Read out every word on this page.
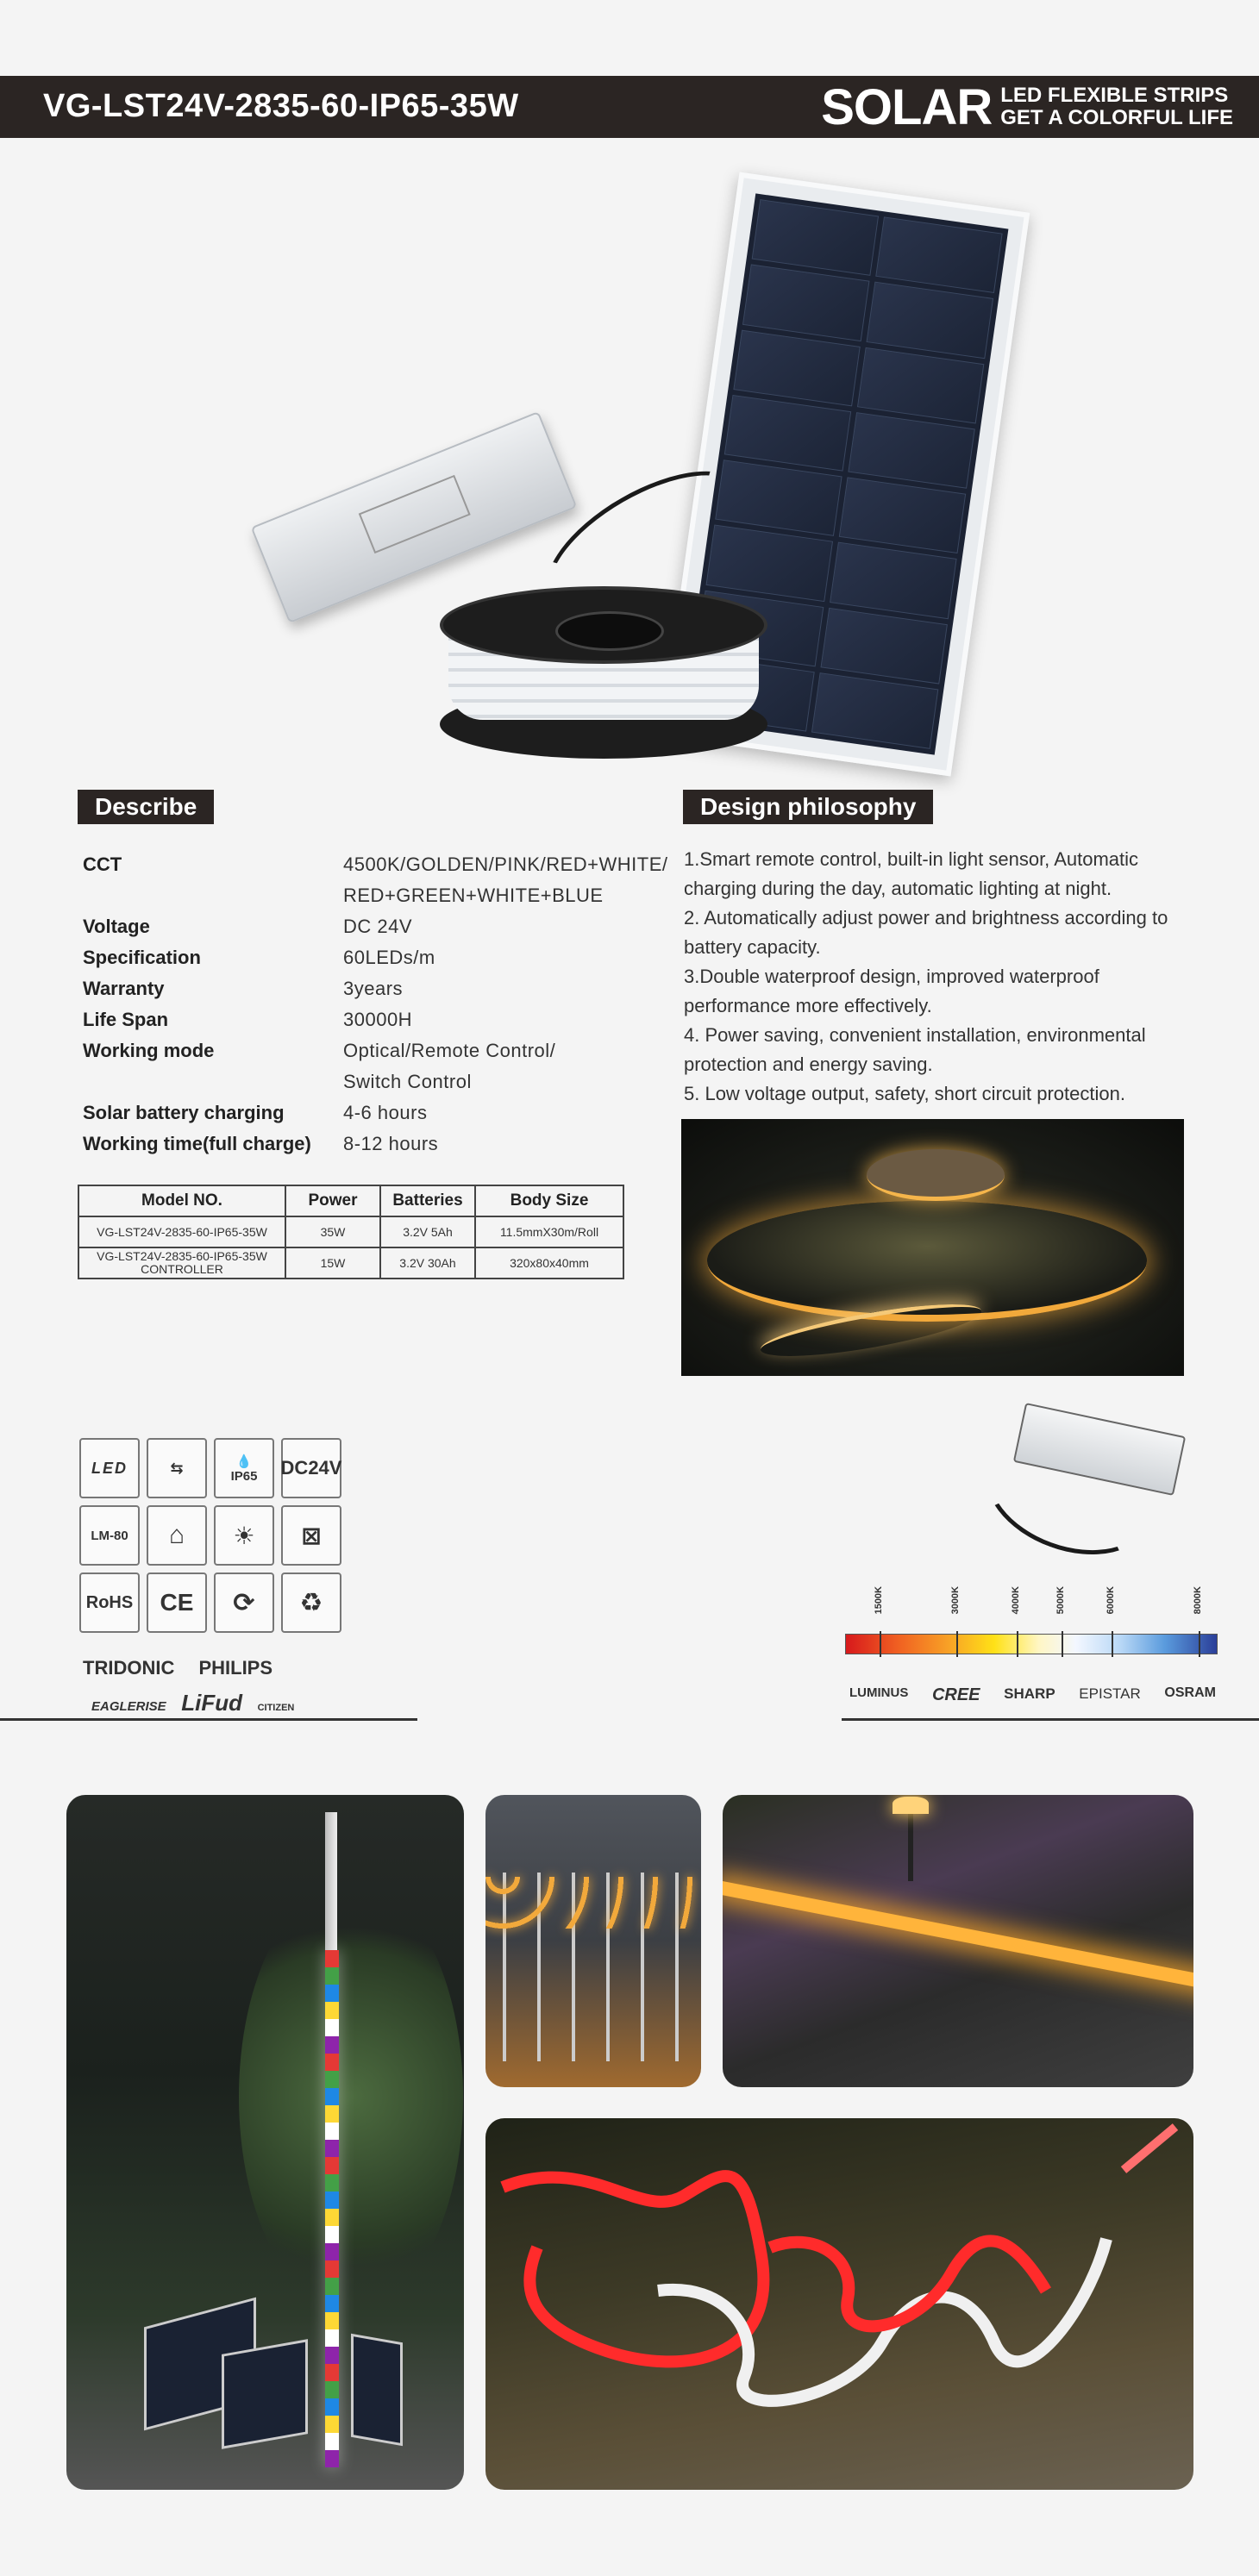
VG-LST24V-2835-60-IP65-35W	SOLAR LED FLEXIBLE STRIPS
GET A COLORFUL LIFE
Describe
CCT	4500K/GOLDEN/PINK/RED+WHITE/
RED+GREEN+WHITE+BLUE
Voltage	DC 24V
Specification	60LEDs/m
Warranty	3years
Life Span	30000H
Working mode	Optical/Remote Control/
Switch Control
Solar battery charging	4-6 hours
Working time(full charge)	8-12 hours
Model NO.	Power	Batteries	Body Size
VG-LST24V-2835-60-IP65-35W	35W	3.2V 5Ah	11.5mmX30m/Roll
VG-LST24V-2835-60-IP65-35W CONTROLLER	15W	3.2V 30Ah	320x80x40mm
Design philosophy

1.Smart remote control, built-in light sensor, Automatic charging during the day, automatic lighting at night.

2. Automatically adjust power and brightness according to battery capacity.

3.Double waterproof design, improved waterproof performance more effectively.

4. Power saving, convenient installation, environmental protection and energy saving.

5. Low voltage output, safety, short circuit protection.

LED	⇆	💧
IP65 DC24V
LM-80	⌂	☀	⊠
RoHS	CE	⟳	♻
TRIDONIC PHILIPS
EAGLERISE LiFud CITIZEN
1500K	3000K	4000K	5000K	6000K	8000K
LUMINUS CREE SHARP EPISTAR OSRAM
